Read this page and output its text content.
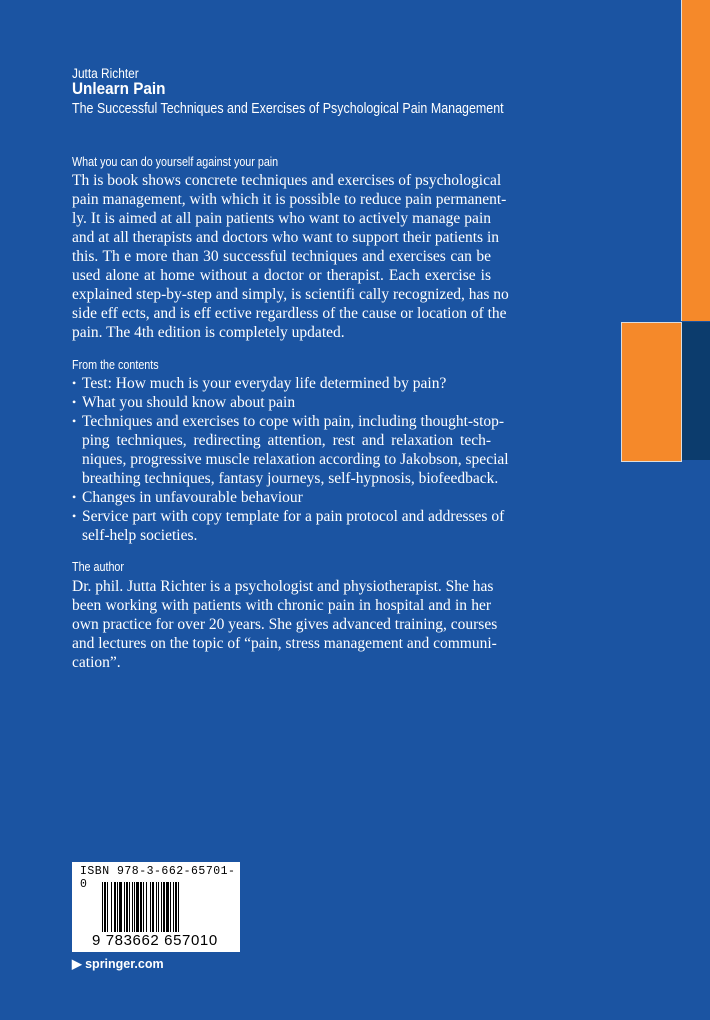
Jutta Richter
Unlearn Pain
The Successful Techniques and Exercises of Psychological Pain Management
What you can do yourself against your pain
Th is book shows concrete techniques and exercises of psychological
pain management, with which it is possible to reduce pain permanent-
ly. It is aimed at all pain patients who want to actively manage pain
and at all therapists and doctors who want to support their patients in
this. Th e more than 30 successful techniques and exercises can be
used alone at home without a doctor or therapist. Each exercise is
explained step-by-step and simply, is scientifi cally recognized, has no
side eff ects, and is eff ective regardless of the cause or location of the
pain. The 4th edition is completely updated.
From the contents
• Test: How much is your everyday life determined by pain?
• What you should know about pain
• Techniques and exercises to cope with pain, including thought-stop-
ping techniques, redirecting attention, rest and relaxation tech-
niques, progressive muscle relaxation according to Jakobson, special
breathing techniques, fantasy journeys, self-hypnosis, biofeedback.
• Changes in unfavourable behaviour
• Service part with copy template for a pain protocol and addresses of
self-help societies.
The author
Dr. phil. Jutta Richter is a psychologist and physiotherapist. She has
been working with patients with chronic pain in hospital and in her
own practice for over 20 years. She gives advanced training, courses
and lectures on the topic of “pain, stress management and communi-
cation”.
ISBN 978-3-662-65701-0
9 783662 657010
▶ springer.com
